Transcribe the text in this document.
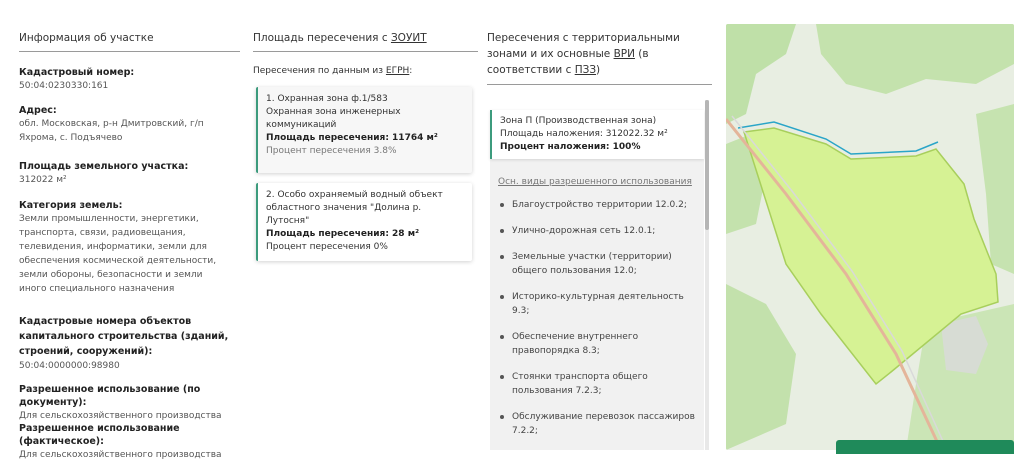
Информация об участке
Кадастровый номер:
50:04:0230330:161
Адрес:
обл. Московская, р-н Дмитровский, г/п Яхрома, с. Подъячево
Площадь земельного участка:
312022 м²
Категория земель:
Земли промышленности, энергетики, транспорта, связи, радиовещания, телевидения, информатики, земли для обеспечения космической деятельности, земли обороны, безопасности и земли иного специального назначения
Кадастровые номера объектов капитального строительства (зданий, строений, сооружений):
50:04:0000000:98980
Разрешенное использование (по документу):
Для сельскохозяйственного производства
Разрешенное использование (фактическое):
Для сельскохозяйственного производства
Площадь пересечения с ЗОУИТ
Пересечения по данным из ЕГРН:
1. Охранная зона ф.1/583
Охранная зона инженерных коммуникаций
Площадь пересечения: 11764 м²
Процент пересечения 3.8%
2. Особо охраняемый водный объект областного значения "Долина р. Лутосня"
Площадь пересечения: 28 м²
Процент пересечения 0%
Пересечения с территориальными зонами и их основные ВРИ (в соответствии с ПЗЗ)
Зона П (Производственная зона)
Площадь наложения: 312022.32 м²
Процент наложения: 100%
Осн. виды разрешенного использования
Благоустройство территории 12.0.2;
Улично-дорожная сеть 12.0.1;
Земельные участки (территории) общего пользования 12.0;
Историко-культурная деятельность 9.3;
Обеспечение внутреннего правопорядка 8.3;
Стоянки транспорта общего пользования 7.2.3;
Обслуживание перевозок пассажиров 7.2.2;
